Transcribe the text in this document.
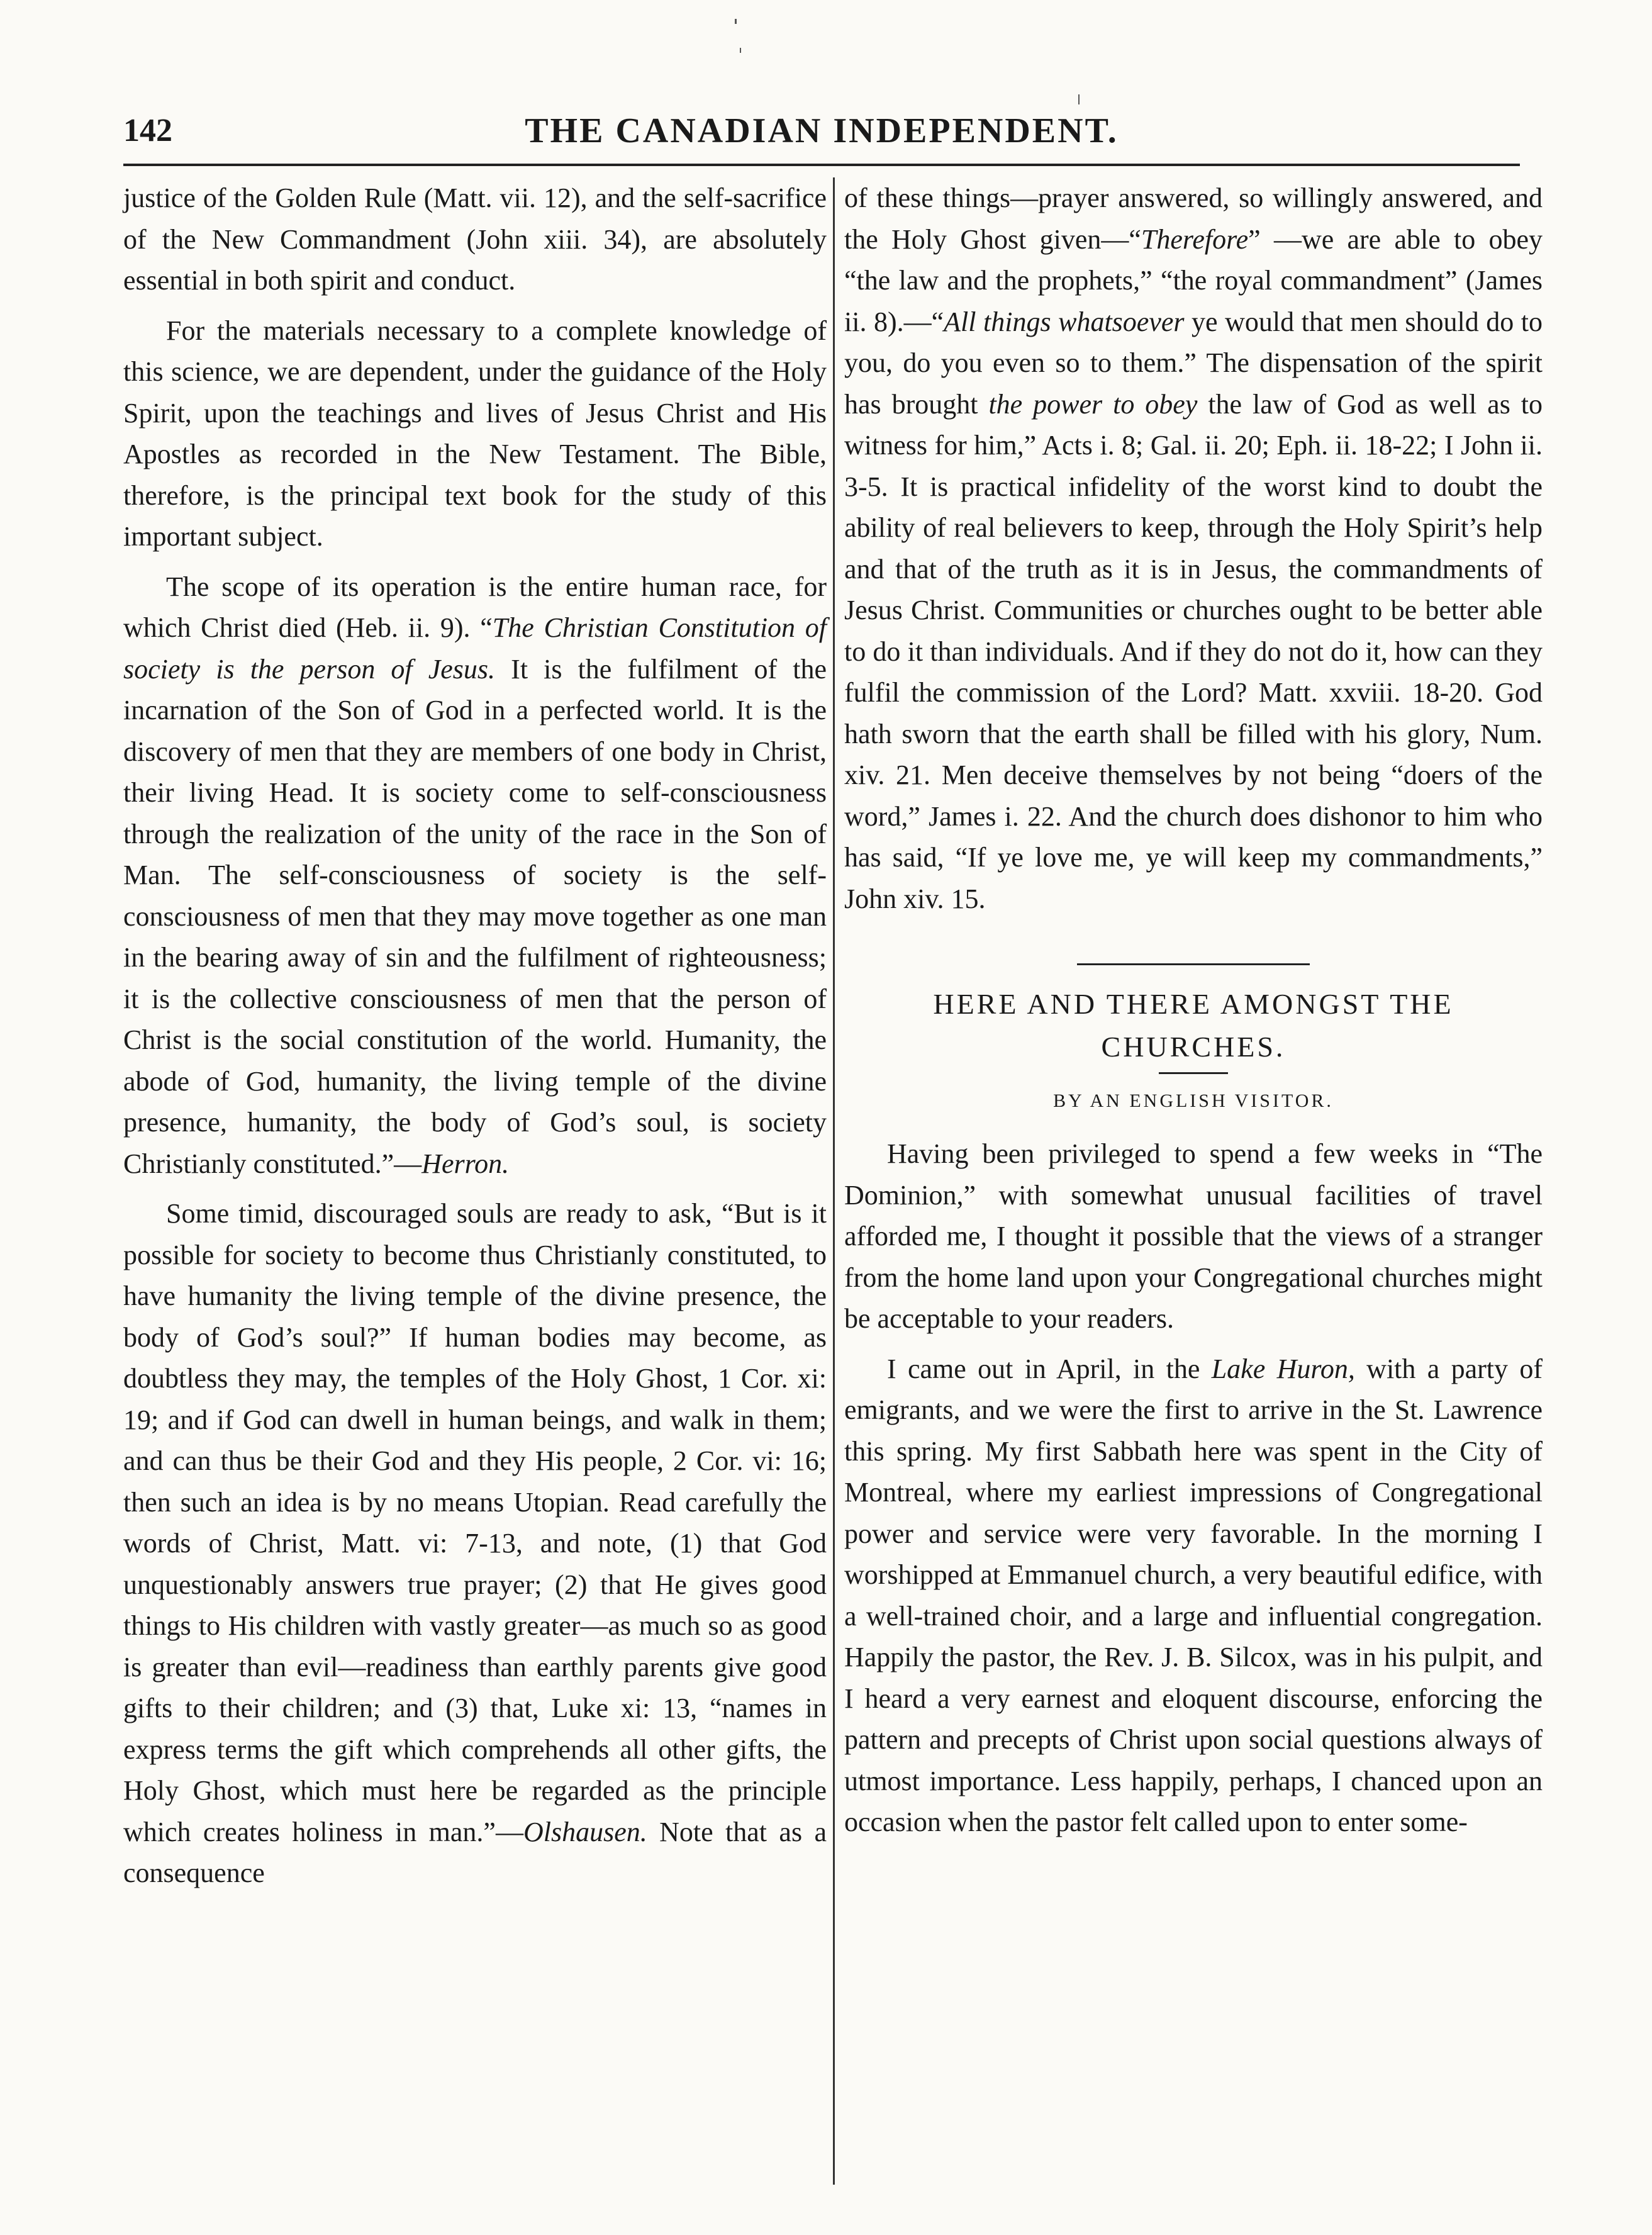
142	THE CANADIAN INDEPENDENT.

justice of the Golden Rule (Matt. vii. 12), and the self-sacrifice of the New Commandment (John xiii. 34), are absolutely essential in both spirit and conduct.

For the materials necessary to a complete knowledge of this science, we are dependent, under the guidance of the Holy Spirit, upon the teachings and lives of Jesus Christ and His Apostles as recorded in the New Testament. The Bible, therefore, is the principal text book for the study of this important subject.

The scope of its operation is the entire human race, for which Christ died (Heb. ii. 9). “The Christian Constitution of society is the person of Jesus. It is the fulfilment of the incarnation of the Son of God in a perfected world. It is the discovery of men that they are members of one body in Christ, their living Head. It is society come to self-consciousness through the realization of the unity of the race in the Son of Man. The self-consciousness of society is the self-consciousness of men that they may move together as one man in the bearing away of sin and the fulfilment of righteousness; it is the collective consciousness of men that the person of Christ is the social constitution of the world. Humanity, the abode of God, humanity, the living temple of the divine presence, humanity, the body of God’s soul, is society Christianly constituted.”—Herron.

Some timid, discouraged souls are ready to ask, “But is it possible for society to become thus Christianly constituted, to have humanity the living temple of the divine presence, the body of God’s soul?” If human bodies may become, as doubtless they may, the temples of the Holy Ghost, 1 Cor. xi: 19; and if God can dwell in human beings, and walk in them; and can thus be their God and they His people, 2 Cor. vi: 16; then such an idea is by no means Utopian. Read carefully the words of Christ, Matt. vi: 7-13, and note, (1) that God unquestionably answers true prayer; (2) that He gives good things to His children with vastly greater—as much so as good is greater than evil—readiness than earthly parents give good gifts to their children; and (3) that, Luke xi: 13, “names in express terms the gift which comprehends all other gifts, the Holy Ghost, which must here be regarded as the principle which creates holiness in man.”—Olshausen. Note that as a consequence

of these things—prayer answered, so willingly answered, and the Holy Ghost given—“Therefore” —we are able to obey “the law and the prophets,” “the royal commandment” (James ii. 8).—“All things whatsoever ye would that men should do to you, do you even so to them.” The dispensation of the spirit has brought the power to obey the law of God as well as to witness for him,” Acts i. 8; Gal. ii. 20; Eph. ii. 18-22; I John ii. 3-5. It is practical infidelity of the worst kind to doubt the ability of real believers to keep, through the Holy Spirit’s help and that of the truth as it is in Jesus, the commandments of Jesus Christ. Communities or churches ought to be better able to do it than individuals. And if they do not do it, how can they fulfil the commission of the Lord? Matt. xxviii. 18-20. God hath sworn that the earth shall be filled with his glory, Num. xiv. 21. Men deceive themselves by not being “doers of the word,” James i. 22. And the church does dishonor to him who has said, “If ye love me, ye will keep my commandments,” John xiv. 15.

HERE AND THERE AMONGST THE CHURCHES.
BY AN ENGLISH VISITOR.

Having been privileged to spend a few weeks in “The Dominion,” with somewhat unusual facilities of travel afforded me, I thought it possible that the views of a stranger from the home land upon your Congregational churches might be acceptable to your readers.

I came out in April, in the Lake Huron, with a party of emigrants, and we were the first to arrive in the St. Lawrence this spring. My first Sabbath here was spent in the City of Montreal, where my earliest impressions of Congregational power and service were very favorable. In the morning I worshipped at Emmanuel church, a very beautiful edifice, with a well-trained choir, and a large and influential congregation. Happily the pastor, the Rev. J. B. Silcox, was in his pulpit, and I heard a very earnest and eloquent discourse, enforcing the pattern and precepts of Christ upon social questions always of utmost importance. Less happily, perhaps, I chanced upon an occasion when the pastor felt called upon to enter some-
